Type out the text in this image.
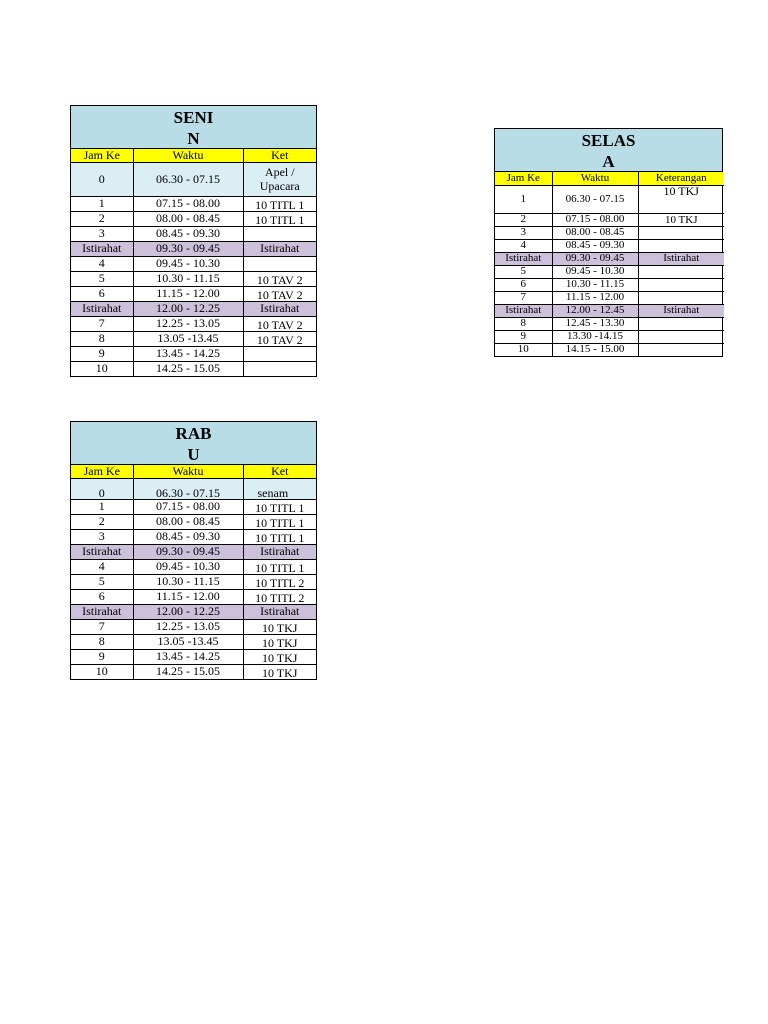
SENI
N
Jam Ke	Waktu	Ket
0	06.30 - 07.15	Apel /
Upacara

1	07.15 - 08.00	10 TITL 1
2	08.00 - 08.45	10 TITL 1
3	08.45 - 09.30	
Istirahat	09.30 - 09.45	Istirahat
4	09.45 - 10.30	
5	10.30 - 11.15	10 TAV 2
6	11.15 - 12.00	10 TAV 2
Istirahat	12.00 - 12.25	Istirahat
7	12.25 - 13.05	10 TAV 2
8	13.05 -13.45	10 TAV 2
9	13.45 - 14.25	
10	14.25 - 15.05	
SELAS
A
Jam Ke	Waktu	Keterangan
1	06.30 - 07.15	10 TKJ
2	07.15 - 08.00	10 TKJ
3	08.00 - 08.45	
4	08.45 - 09.30	
Istirahat	09.30 - 09.45	Istirahat
5	09.45 - 10.30	
6	10.30 - 11.15	
7	11.15 - 12.00	
Istirahat	12.00 - 12.45	Istirahat
8	12.45 - 13.30	
9	13.30 -14.15	
10	14.15 - 15.00	
RAB
U
Jam Ke	Waktu	Ket
0	06.30 - 07.15	senam
1	07.15 - 08.00	10 TITL 1
2	08.00 - 08.45	10 TITL 1
3	08.45 - 09.30	10 TITL 1
Istirahat	09.30 - 09.45	Istirahat
4	09.45 - 10.30	10 TITL 1
5	10.30 - 11.15	10 TITL 2
6	11.15 - 12.00	10 TITL 2
Istirahat	12.00 - 12.25	Istirahat
7	12.25 - 13.05	10 TKJ
8	13.05 -13.45	10 TKJ
9	13.45 - 14.25	10 TKJ
10	14.25 - 15.05	10 TKJ
